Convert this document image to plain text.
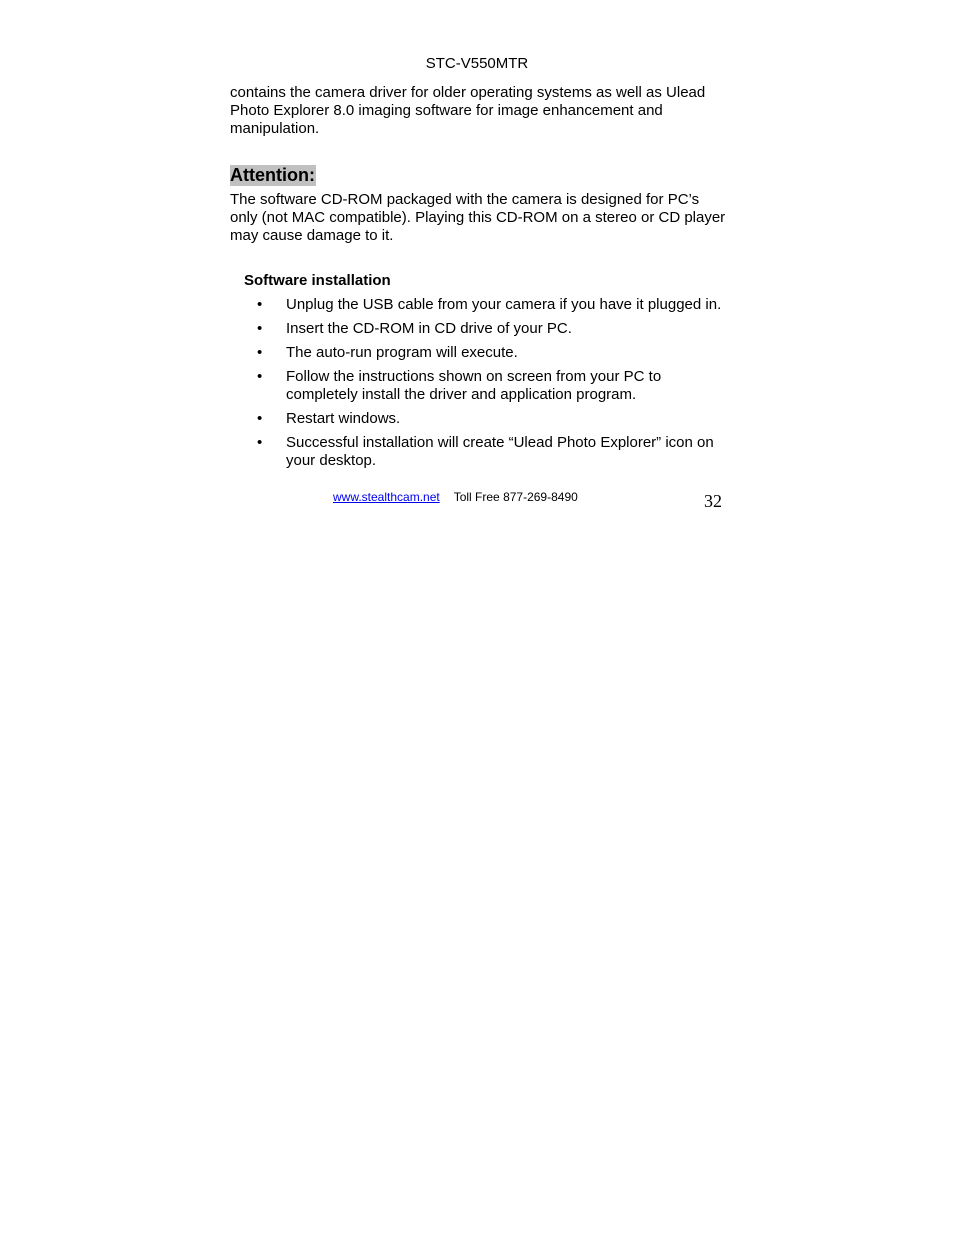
STC-V550MTR

contains the camera driver for older operating systems as well as Ulead Photo Explorer 8.0 imaging software for image enhancement and manipulation.

Attention:

The software CD-ROM packaged with the camera is designed for PC’s only (not MAC compatible). Playing this CD-ROM on a stereo or CD player may cause damage to it.

Software installation
• Unplug the USB cable from your camera if you have it plugged in.
• Insert the CD-ROM in CD drive of your PC.
• The auto-run program will execute.
• Follow the instructions shown on screen from your PC to completely install the driver and application program.
• Restart windows.
• Successful installation will create “Ulead Photo Explorer” icon on your desktop.
www.stealthcam.net Toll Free 877-269-8490	32
